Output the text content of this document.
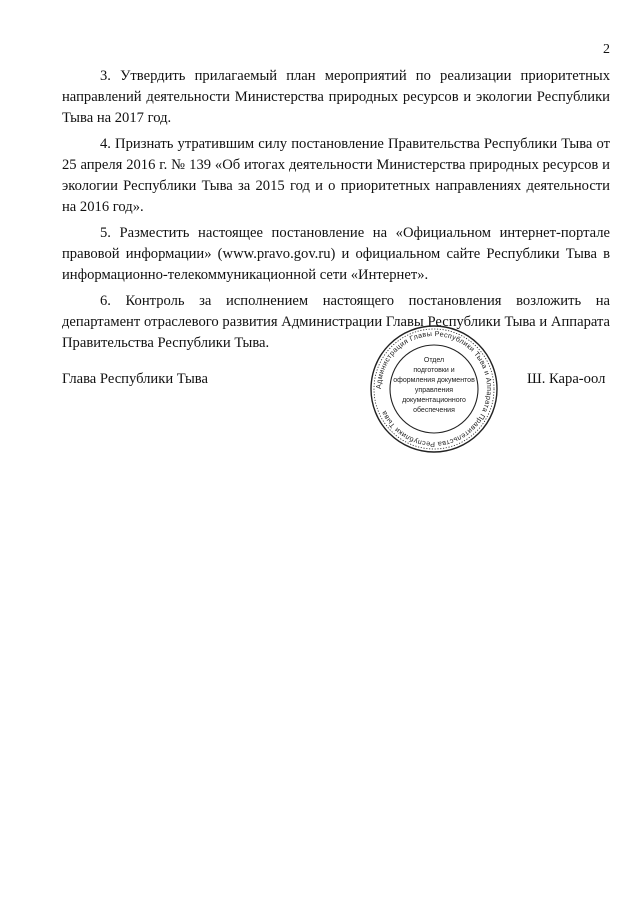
2

3. Утвердить прилагаемый план мероприятий по реализации приоритетных направлений деятельности Министерства природных ресурсов и экологии Республики Тыва на 2017 год.

4. Признать утратившим силу постановление Правительства Республики Тыва от 25 апреля 2016 г. № 139 «Об итогах деятельности Министерства природных ресурсов и экологии Республики Тыва за 2015 год и о приоритетных направлениях деятельности на 2016 год».

5. Разместить настоящее постановление на «Официальном интернет-портале правовой информации» (www.pravo.gov.ru) и официальном сайте Республики Тыва в информационно-телекоммуникационной сети «Интернет».

6. Контроль за исполнением настоящего постановления возложить на департамент отраслевого развития Администрации Главы Республики Тыва и Аппарата Правительства Республики Тыва.

Глава Республики Тыва	Ш. Кара-оол
Администрация Главы Республики Тыва и Аппарата Правительства Республики Тыва
Отдел
подготовки и
оформления документов
управления
документационного
обеспечения
